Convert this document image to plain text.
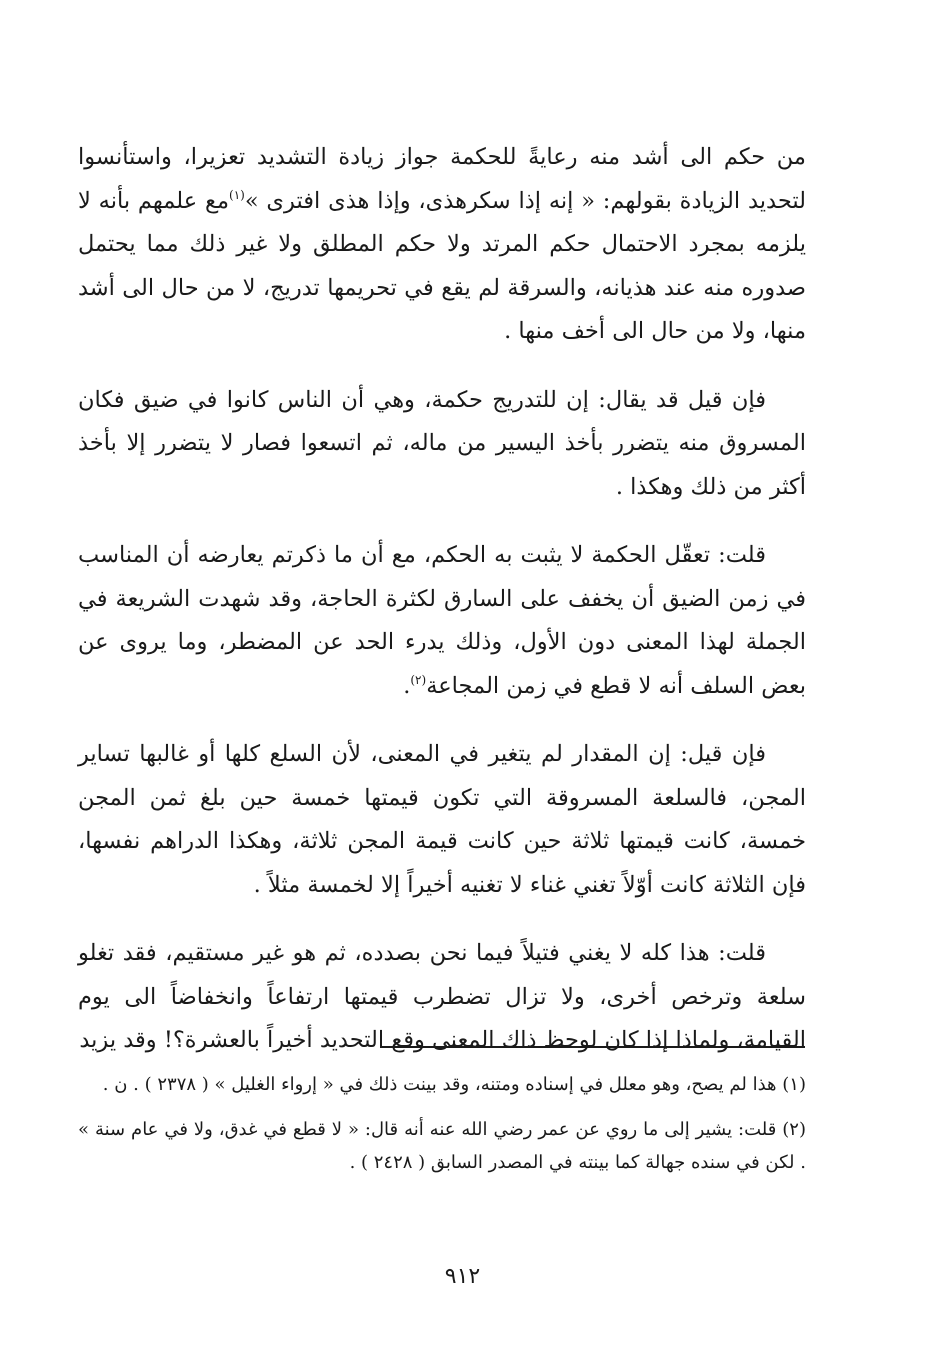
من حكم الى أشد منه رعايةً للحكمة جواز زيادة التشديد تعزيرا، واستأنسوا لتحديد الزيادة بقولهم: « إنه إذا سكرهذى، وإذا هذى افترى »$^{(١)}$مع علمهم بأنه لا يلزمه بمجرد الاحتمال حكم المرتد ولا حكم المطلق ولا غير ذلك مما يحتمل صدوره منه عند هذيانه، والسرقة لم يقع في تحريمها تدريج، لا من حال الى أشد منها، ولا من حال الى أخف منها .

فإن قيل قد يقال: إن للتدريج حكمة، وهي أن الناس كانوا في ضيق فكان المسروق منه يتضرر بأخذ اليسير من ماله، ثم اتسعوا فصار لا يتضرر إلا بأخذ أكثر من ذلك وهكذا .

قلت: تعقّل الحكمة لا يثبت به الحكم، مع أن ما ذكرتم يعارضه أن المناسب في زمن الضيق أن يخفف على السارق لكثرة الحاجة، وقد شهدت الشريعة في الجملة لهذا المعنى دون الأول، وذلك يدرء الحد عن المضطر، وما يروى عن بعض السلف أنه لا قطع في زمن المجاعة$^{(٢)}$.

فإن قيل: إن المقدار لم يتغير في المعنى، لأن السلع كلها أو غالبها تساير المجن، فالسلعة المسروقة التي تكون قيمتها خمسة حين بلغ ثمن المجن خمسة، كانت قيمتها ثلاثة حين كانت قيمة المجن ثلاثة، وهكذا الدراهم نفسها، فإن الثلاثة كانت أوّلاً تغني غناء لا تغنيه أخيراً إلا لخمسة مثلاً .

قلت: هذا كله لا يغني فتيلاً فيما نحن بصدده، ثم هو غير مستقيم، فقد تغلو سلعة وترخص أخرى، ولا تزال تضطرب قيمتها ارتفاعاً وانخفاضاً الى يوم القيامة، ولماذا إذا كان لوحظ ذاك المعنى وقع التحديد أخيراً بالعشرة؟! وقد يزيد

(١) هذا لم يصح، وهو معلل في إسناده ومتنه، وقد بينت ذلك في « إرواء الغليل » ( ٢٣٧٨ ) . ن .

(٢) قلت: يشير إلى ما روي عن عمر رضي الله عنه أنه قال: « لا قطع في غدق، ولا في عام سنة » . لكن في سنده جهالة كما بينته في المصدر السابق ( ٢٤٢٨ ) .

٩١٢
